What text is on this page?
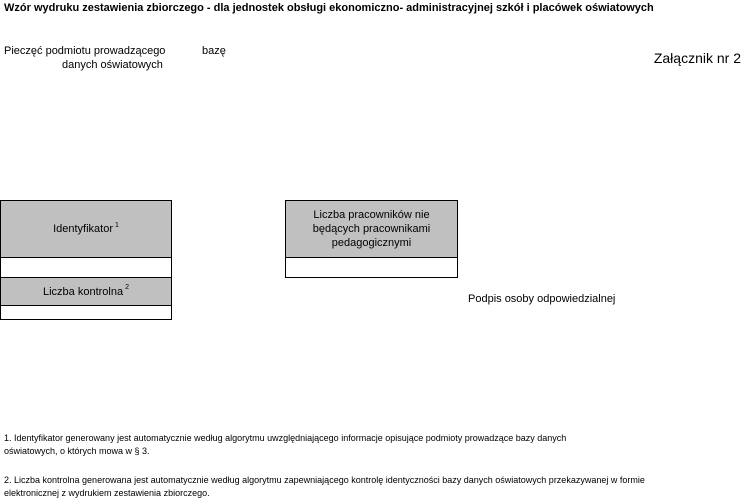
Wzór wydruku zestawienia zbiorczego - dla jednostek obsługi ekonomiczno- administracyjnej szkół i placówek oświatowych
Pieczęć podmiotu prowadzącego	bazę
danych oświatowych	Załącznik nr 2
Identyfikator $^1$
Liczba kontrolna $^2$
Liczba pracowników nie będących pracownikami pedagogicznymi
Podpis osoby odpowiedzialnej
1. Identyfikator generowany jest automatycznie według algorytmu uwzględniającego informacje opisujące podmioty prowadzące bazy danych
oświatowych, o których mowa w § 3.
2. Liczba kontrolna generowana jest automatycznie według algorytmu zapewniającego kontrolę identyczności bazy danych oświatowych przekazywanej w formie
elektronicznej z wydrukiem zestawienia zbiorczego.
